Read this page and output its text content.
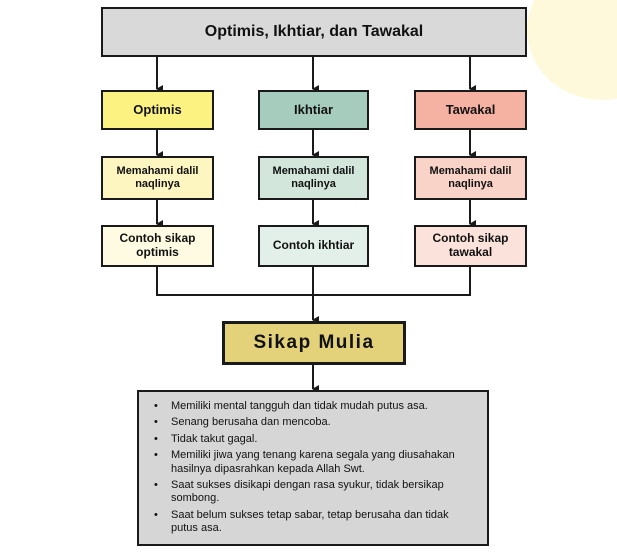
Optimis, Ikhtiar, dan Tawakal
Optimis	Ikhtiar	Tawakal
Memahami dalil naqlinya
Memahami dalil naqlinya
Memahami dalil naqlinya
Contoh sikap optimis	Contoh ikhtiar	Contoh sikap tawakal
Sikap Mulia
• Memiliki mental tangguh dan tidak mudah putus asa.
• Senang berusaha dan mencoba.
• Tidak takut gagal.
• Memiliki jiwa yang tenang karena segala yang diusahakan hasilnya dipasrahkan kepada Allah Swt.
• Saat sukses disikapi dengan rasa syukur, tidak bersikap sombong.
• Saat belum sukses tetap sabar, tetap berusaha dan tidak putus asa.
